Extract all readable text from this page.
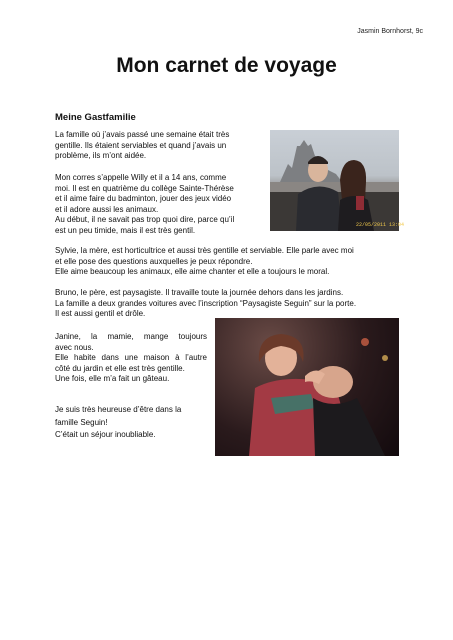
Jasmin Bornhorst, 9c
Mon carnet de voyage
Meine Gastfamilie
La famille où j’avais passé une semaine était très
gentille. Ils étaient serviables et quand j’avais un
problème, ils m’ont aidée.
Mon corres s’appelle Willy et il a 14 ans, comme
moi. Il est en quatrième du collège Sainte-Thérèse
et il aime faire du badminton, jouer des jeux vidéo
et il adore aussi les animaux.
Au début, il ne savait pas trop quoi dire, parce qu’il
est un peu timide, mais il est très gentil.
22/05/2011 13:04
Sylvie, la mère, est horticultrice et aussi très gentille et serviable. Elle parle avec moi
et elle pose des questions auxquelles je peux répondre.
Elle aime beaucoup les animaux, elle aime chanter et elle a toujours le moral.
Bruno, le père, est paysagiste. Il travaille toute la journée dehors dans les jardins.
La famille a deux grandes voitures avec l’inscription “Paysagiste Seguin” sur la porte.
Il est aussi gentil et drôle.
Janine, la mamie, mange toujours
avec nous.
Elle habite dans une maison à l’autre
côté du jardin et elle est très gentille.
Une fois, elle m’a fait un gâteau.
Je suis très heureuse d’être dans la
famille Seguin!
C’était un séjour inoubliable.
